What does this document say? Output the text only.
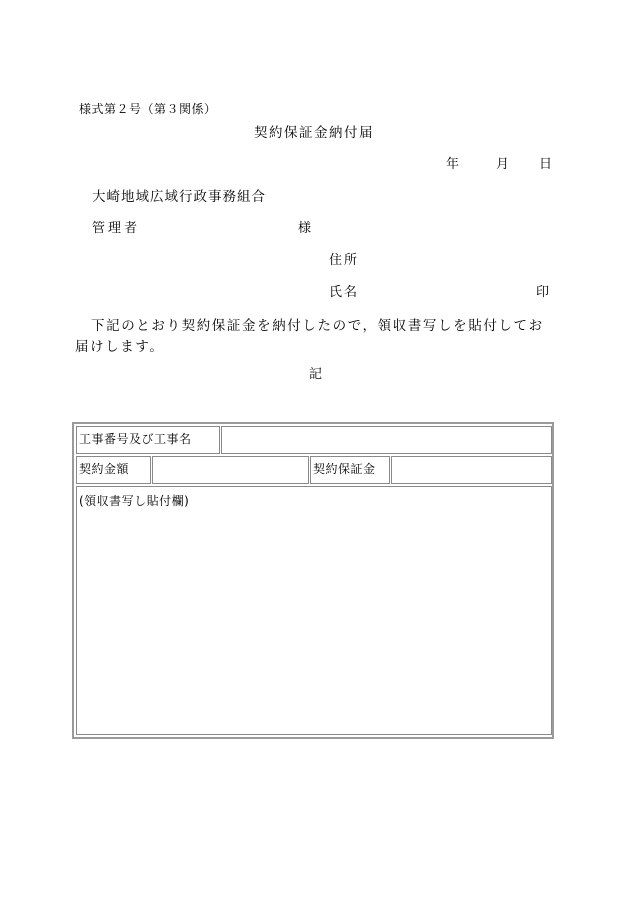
様式第２号（第３関係）
契約保証金納付届
年	月 日
大崎地域広域行政事務組合
管理者	様
住所
氏名	印
下記のとおり契約保証金を納付したので，領収書写しを貼付してお届けします。
記
工事番号及び工事名
契約金額	契約保証金
(領収書写し貼付欄)
